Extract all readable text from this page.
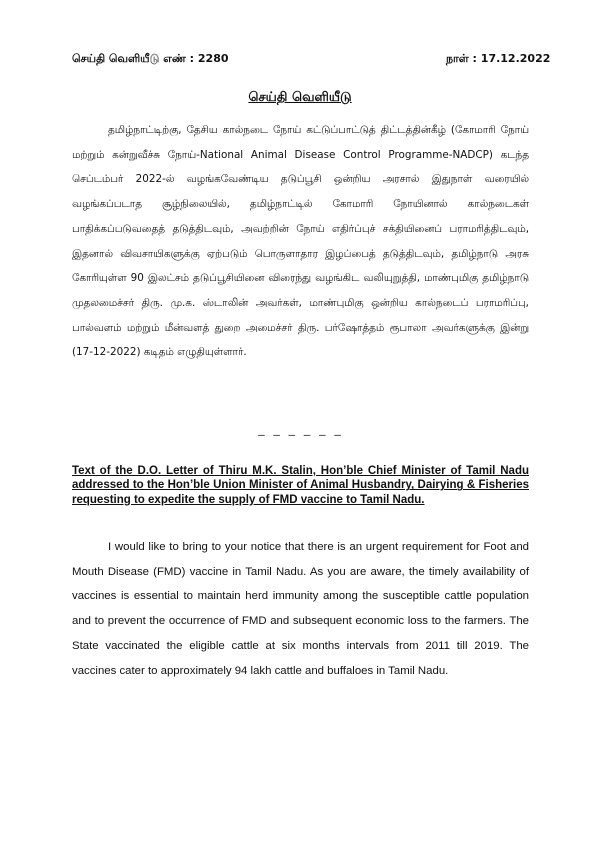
செய்தி வெளியீடு எண் : 2280	நாள் : 17.12.2022
செய்தி வெளியீடு

தமிழ்நாட்டிற்கு, தேசிய கால்நடை நோய் கட்டுப்பாட்டுத் திட்டத்தின்கீழ் (கோமாரி நோய் மற்றும் கன்றுவீச்சு நோய்-National Animal Disease Control Programme-NADCP) கடந்த செப்டம்பர் 2022-ல் வழங்கவேண்டிய தடுப்பூசி ஒன்றிய அரசால் இதுநாள் வரையில் வழங்கப்படாத சூழ்நிலையில், தமிழ்நாட்டில் கோமாரி நோயினால் கால்நடைகள் பாதிக்கப்படுவதைத் தடுத்திடவும், அவற்றின் நோய் எதிர்ப்புச் சக்தியினைப் பராமரித்திடவும், இதனால் விவசாயிகளுக்கு ஏற்படும் பொருளாதார இழப்பைத் தடுத்திடவும், தமிழ்நாடு அரசு கோரியுள்ள 90 இலட்சம் தடுப்பூசியினை விரைந்து வழங்கிட வலியுறுத்தி, மாண்புமிகு தமிழ்நாடு முதலமைச்சர் திரு. மு.க. ஸ்டாலின் அவர்கள், மாண்புமிகு ஒன்றிய கால்நடைப் பராமரிப்பு, பால்வளம் மற்றும் மீன்வளத் துறை அமைச்சர் திரு. பர்ஷோத்தம் ரூபாலா அவர்களுக்கு இன்று (17-12-2022) கடிதம் எழுதியுள்ளார்.

– – – – – –

Text of the D.O. Letter of Thiru M.K. Stalin, Hon’ble Chief Minister of Tamil Nadu addressed to the Hon’ble Union Minister of Animal Husbandry, Dairying & Fisheries requesting to expedite the supply of FMD vaccine to Tamil Nadu.

I would like to bring to your notice that there is an urgent requirement for Foot and Mouth Disease (FMD) vaccine in Tamil Nadu. As you are aware, the timely availability of vaccines is essential to maintain herd immunity among the susceptible cattle population and to prevent the occurrence of FMD and subsequent economic loss to the farmers. The State vaccinated the eligible cattle at six months intervals from 2011 till 2019. The vaccines cater to approximately 94 lakh cattle and buffaloes in Tamil Nadu.
